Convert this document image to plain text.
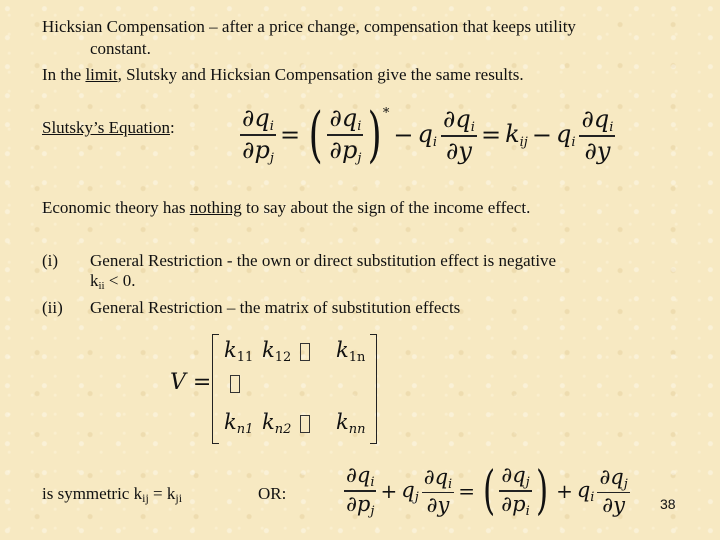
Hicksian Compensation – after a price change, compensation that keeps utility
constant.
In the limit, Slutsky and Hicksian Compensation give the same results.
Slutsky’s Equation:	$\frac{\partial q_i}{\partial p_j}$ = ( $\frac{\partial q_i}{\partial p_j}$ ) *
− $q_i \frac{\partial q_i}{\partial y} = k_{ij} - q_i \frac{\partial q_i}{\partial y}$
Economic theory has nothing to say about the sign of the income effect.
(i) General Restriction - the own or direct substitution effect is negative
kii < 0.
(ii) General Restriction – the matrix of substitution effects
V =
$k_{11}$ $k_{12}$ $k_{1n}$
$k_{n1}$ $k_{n2}$ $k_{nn}$
is symmetric kij = kji	OR:	$\frac{\partial q_i}{\partial p_j} + q_j \frac{\partial q_i}{\partial y}$ = ( $\frac{\partial q_j}{\partial p_i}$ ) + $q_i \frac{\partial q_j}{\partial y} 38$
